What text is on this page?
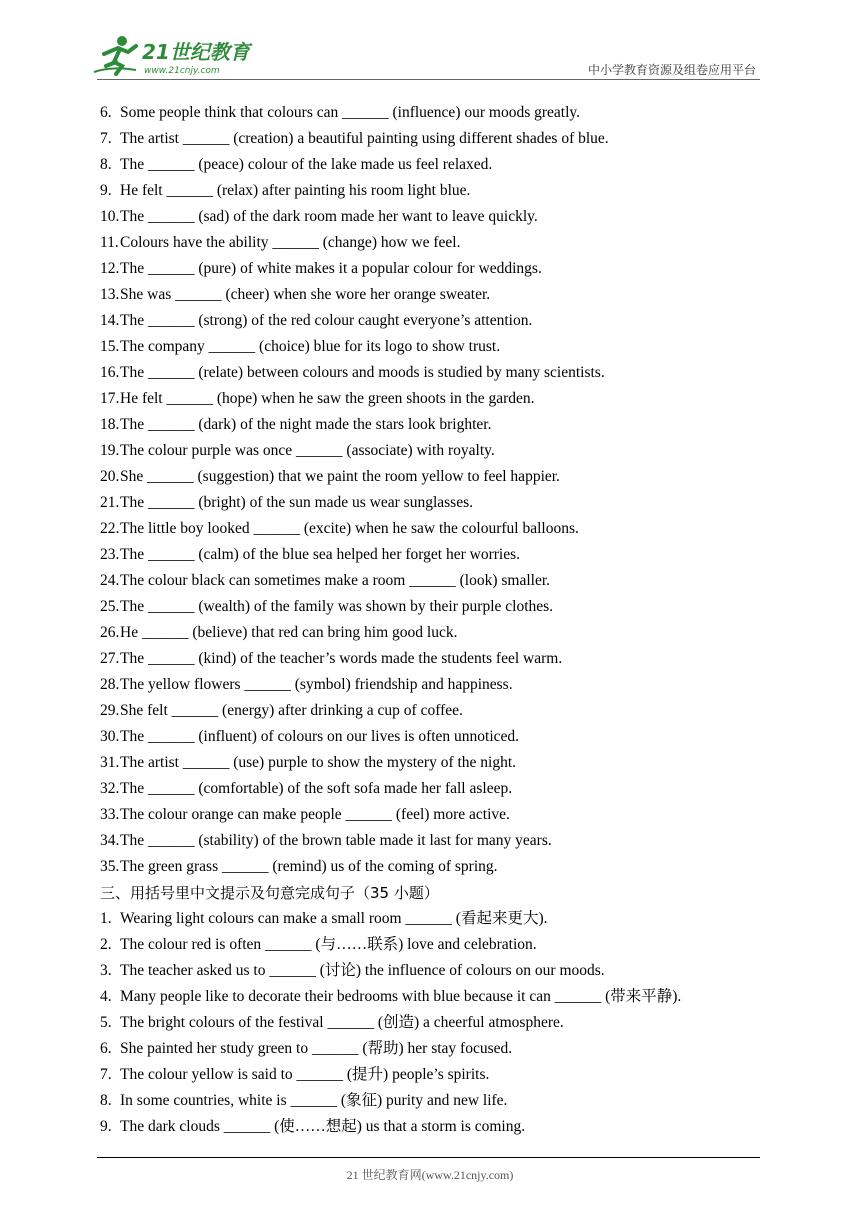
21世纪教育
www.21cnjy.com	中小学教育资源及组卷应用平台
6. Some people think that colours can ______ (influence) our moods greatly.
7. The artist ______ (creation) a beautiful painting using different shades of blue.
8. The ______ (peace) colour of the lake made us feel relaxed.
9. He felt ______ (relax) after painting his room light blue.
10. The ______ (sad) of the dark room made her want to leave quickly.
11. Colours have the ability ______ (change) how we feel.
12. The ______ (pure) of white makes it a popular colour for weddings.
13. She was ______ (cheer) when she wore her orange sweater.
14. The ______ (strong) of the red colour caught everyone’s attention.
15. The company ______ (choice) blue for its logo to show trust.
16. The ______ (relate) between colours and moods is studied by many scientists.
17. He felt ______ (hope) when he saw the green shoots in the garden.
18. The ______ (dark) of the night made the stars look brighter.
19. The colour purple was once ______ (associate) with royalty.
20. She ______ (suggestion) that we paint the room yellow to feel happier.
21. The ______ (bright) of the sun made us wear sunglasses.
22. The little boy looked ______ (excite) when he saw the colourful balloons.
23. The ______ (calm) of the blue sea helped her forget her worries.
24. The colour black can sometimes make a room ______ (look) smaller.
25. The ______ (wealth) of the family was shown by their purple clothes.
26. He ______ (believe) that red can bring him good luck.
27. The ______ (kind) of the teacher’s words made the students feel warm.
28. The yellow flowers ______ (symbol) friendship and happiness.
29. She felt ______ (energy) after drinking a cup of coffee.
30. The ______ (influent) of colours on our lives is often unnoticed.
31. The artist ______ (use) purple to show the mystery of the night.
32. The ______ (comfortable) of the soft sofa made her fall asleep.
33. The colour orange can make people ______ (feel) more active.
34. The ______ (stability) of the brown table made it last for many years.
35. The green grass ______ (remind) us of the coming of spring.
三、用括号里中文提示及句意完成句子（35 小题）
1. Wearing light colours can make a small room ______ (看起来更大).
2. The colour red is often ______ (与……联系) love and celebration.
3. The teacher asked us to ______ (讨论) the influence of colours on our moods.
4. Many people like to decorate their bedrooms with blue because it can ______ (带来平静).
5. The bright colours of the festival ______ (创造) a cheerful atmosphere.
6. She painted her study green to ______ (帮助) her stay focused.
7. The colour yellow is said to ______ (提升) people’s spirits.
8. In some countries, white is ______ (象征) purity and new life.
9. The dark clouds ______ (使……想起) us that a storm is coming.
21 世纪教育网(www.21cnjy.com)
